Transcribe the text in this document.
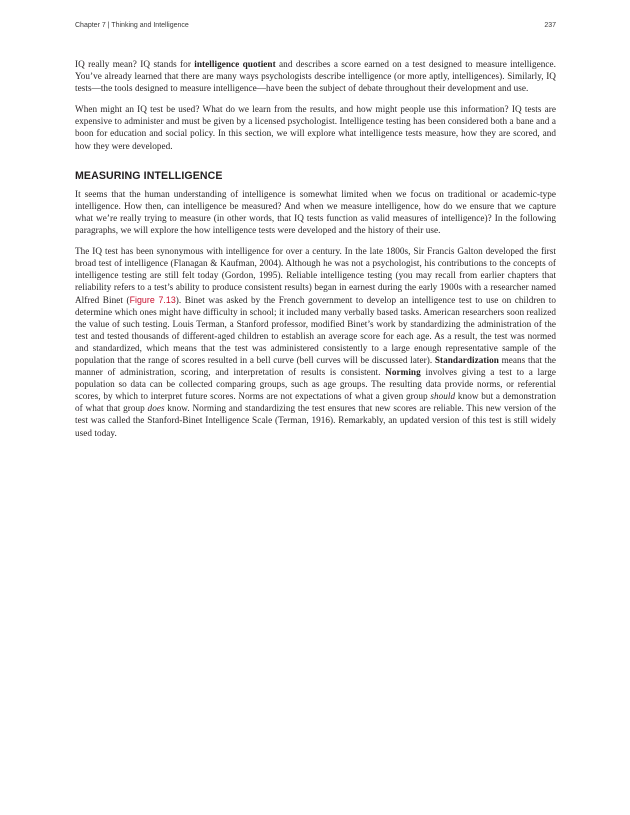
Chapter 7 | Thinking and Intelligence	237

IQ really mean? IQ stands for intelligence quotient and describes a score earned on a test designed to measure intelligence. You’ve already learned that there are many ways psychologists describe intelligence (or more aptly, intelligences). Similarly, IQ tests—the tools designed to measure intelligence—have been the subject of debate throughout their development and use.

When might an IQ test be used? What do we learn from the results, and how might people use this information? IQ tests are expensive to administer and must be given by a licensed psychologist. Intelligence testing has been considered both a bane and a boon for education and social policy. In this section, we will explore what intelligence tests measure, how they are scored, and how they were developed.

MEASURING INTELLIGENCE

It seems that the human understanding of intelligence is somewhat limited when we focus on traditional or academic-type intelligence. How then, can intelligence be measured? And when we measure intelligence, how do we ensure that we capture what we’re really trying to measure (in other words, that IQ tests function as valid measures of intelligence)? In the following paragraphs, we will explore the how intelligence tests were developed and the history of their use.

The IQ test has been synonymous with intelligence for over a century. In the late 1800s, Sir Francis Galton developed the first broad test of intelligence (Flanagan & Kaufman, 2004). Although he was not a psychologist, his contributions to the concepts of intelligence testing are still felt today (Gordon, 1995). Reliable intelligence testing (you may recall from earlier chapters that reliability refers to a test’s ability to produce consistent results) began in earnest during the early 1900s with a researcher named Alfred Binet (Figure 7.13). Binet was asked by the French government to develop an intelligence test to use on children to determine which ones might have difficulty in school; it included many verbally based tasks. American researchers soon realized the value of such testing. Louis Terman, a Stanford professor, modified Binet’s work by standardizing the administration of the test and tested thousands of different-aged children to establish an average score for each age. As a result, the test was normed and standardized, which means that the test was administered consistently to a large enough representative sample of the population that the range of scores resulted in a bell curve (bell curves will be discussed later). Standardization means that the manner of administration, scoring, and interpretation of results is consistent. Norming involves giving a test to a large population so data can be collected comparing groups, such as age groups. The resulting data provide norms, or referential scores, by which to interpret future scores. Norms are not expectations of what a given group should know but a demonstration of what that group does know. Norming and standardizing the test ensures that new scores are reliable. This new version of the test was called the Stanford-Binet Intelligence Scale (Terman, 1916). Remarkably, an updated version of this test is still widely used today.
